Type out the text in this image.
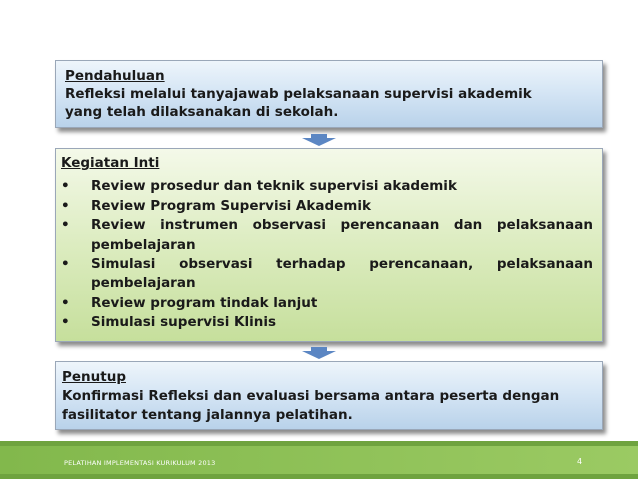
Pendahuluan
Refleksi melalui tanyajawab pelaksanaan supervisi akademik
yang telah dilaksanakan di sekolah.
Kegiatan Inti
• Review prosedur dan teknik supervisi akademik
• Review Program Supervisi Akademik
• Review instrumen observasi perencanaan dan pelaksanaan pembelajaran
• Simulasi observasi terhadap perencanaan, pelaksanaan pembelajaran
• Review program tindak lanjut
• Simulasi supervisi Klinis
Penutup
Konfirmasi Refleksi dan evaluasi bersama antara peserta dengan
fasilitator tentang jalannya pelatihan.
PELATIHAN IMPLEMENTASI KURIKULUM 2013	4
